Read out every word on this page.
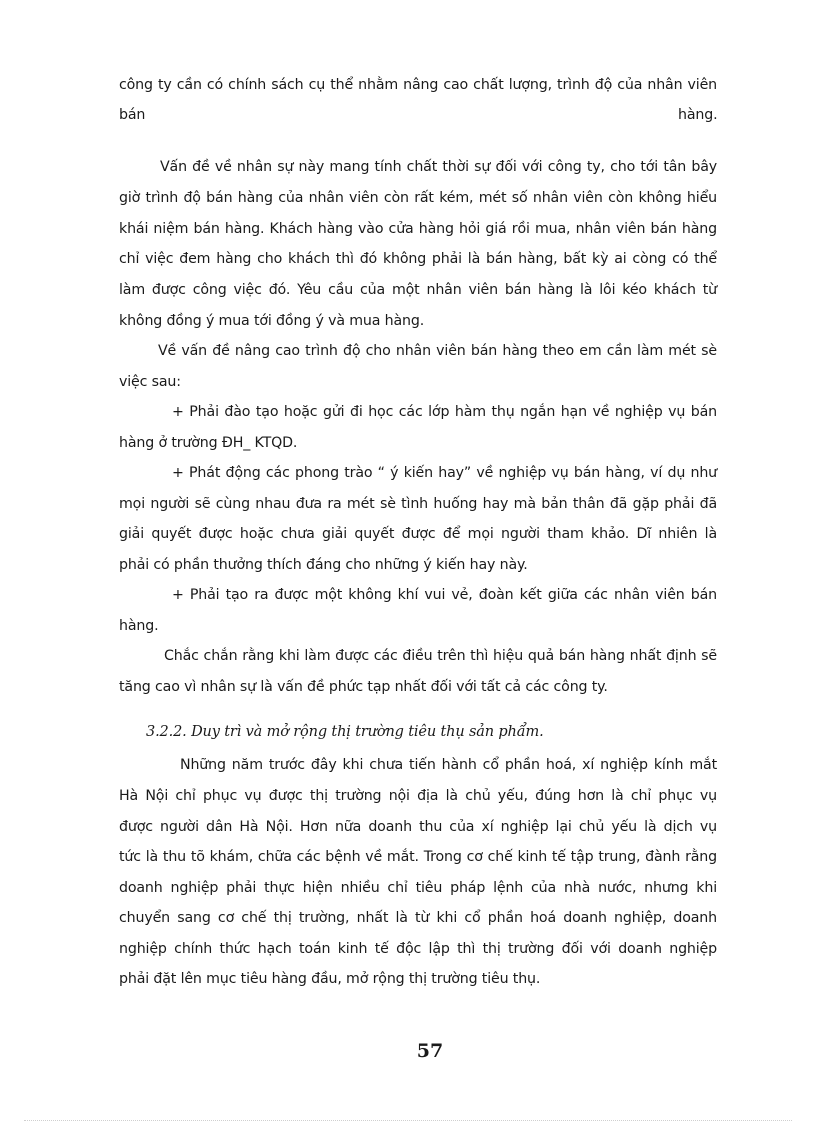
công ty cần có chính sách cụ thể nhằm nâng cao chất lượng, trình độ của nhân viên
bán	hàng.
Vấn đề về nhân sự này mang tính chất thời sự đối với công ty, cho tới tân bây
giờ trình độ bán hàng của nhân viên còn rất kém, mét số nhân viên còn không hiểu
khái niệm bán hàng. Khách hàng vào cửa hàng hỏi giá rồi mua, nhân viên bán hàng
chỉ việc đem hàng cho khách thì đó không phải là bán hàng, bất kỳ ai còng có thể
làm được công việc đó. Yêu cầu của một nhân viên bán hàng là lôi kéo khách từ
không đồng ý mua tới đồng ý và mua hàng.
Về vấn đề nâng cao trình độ cho nhân viên bán hàng theo em cần làm mét sè
việc sau:
+ Phải đào tạo hoặc gửi đi học các lớp hàm thụ ngắn hạn về nghiệp vụ bán
hàng ở trường ĐH_ KTQD.
+ Phát động các phong trào “ ý kiến hay” về nghiệp vụ bán hàng, ví dụ như
mọi người sẽ cùng nhau đưa ra mét sè tình huống hay mà bản thân đã gặp phải đã
giải quyết được hoặc chưa giải quyết được để mọi người tham khảo. Dĩ nhiên là
phải có phần thưởng thích đáng cho những ý kiến hay này.
+ Phải tạo ra được một không khí vui vẻ, đoàn kết giữa các nhân viên bán
hàng.
Chắc chắn rằng khi làm được các điều trên thì hiệu quả bán hàng nhất định sẽ
tăng cao vì nhân sự là vấn đề phức tạp nhất đối với tất cả các công ty.
3.2.2. Duy trì và mở rộng thị trường tiêu thụ sản phẩm.
Những năm trước đây khi chưa tiến hành cổ phần hoá, xí nghiệp kính mắt
Hà Nội chỉ phục vụ được thị trường nội địa là chủ yếu, đúng hơn là chỉ phục vụ
được người dân Hà Nội. Hơn nữa doanh thu của xí nghiệp lại chủ yếu là dịch vụ
tức là thu tõ khám, chữa các bệnh về mắt. Trong cơ chế kinh tế tập trung, đành rằng
doanh nghiệp phải thực hiện nhiều chỉ tiêu pháp lệnh của nhà nước, nhưng khi
chuyển sang cơ chế thị trường, nhất là từ khi cổ phần hoá doanh nghiệp, doanh
nghiệp chính thức hạch toán kinh tế độc lập thì thị trường đối với doanh nghiệp
phải đặt lên mục tiêu hàng đầu, mở rộng thị trường tiêu thụ.
57
